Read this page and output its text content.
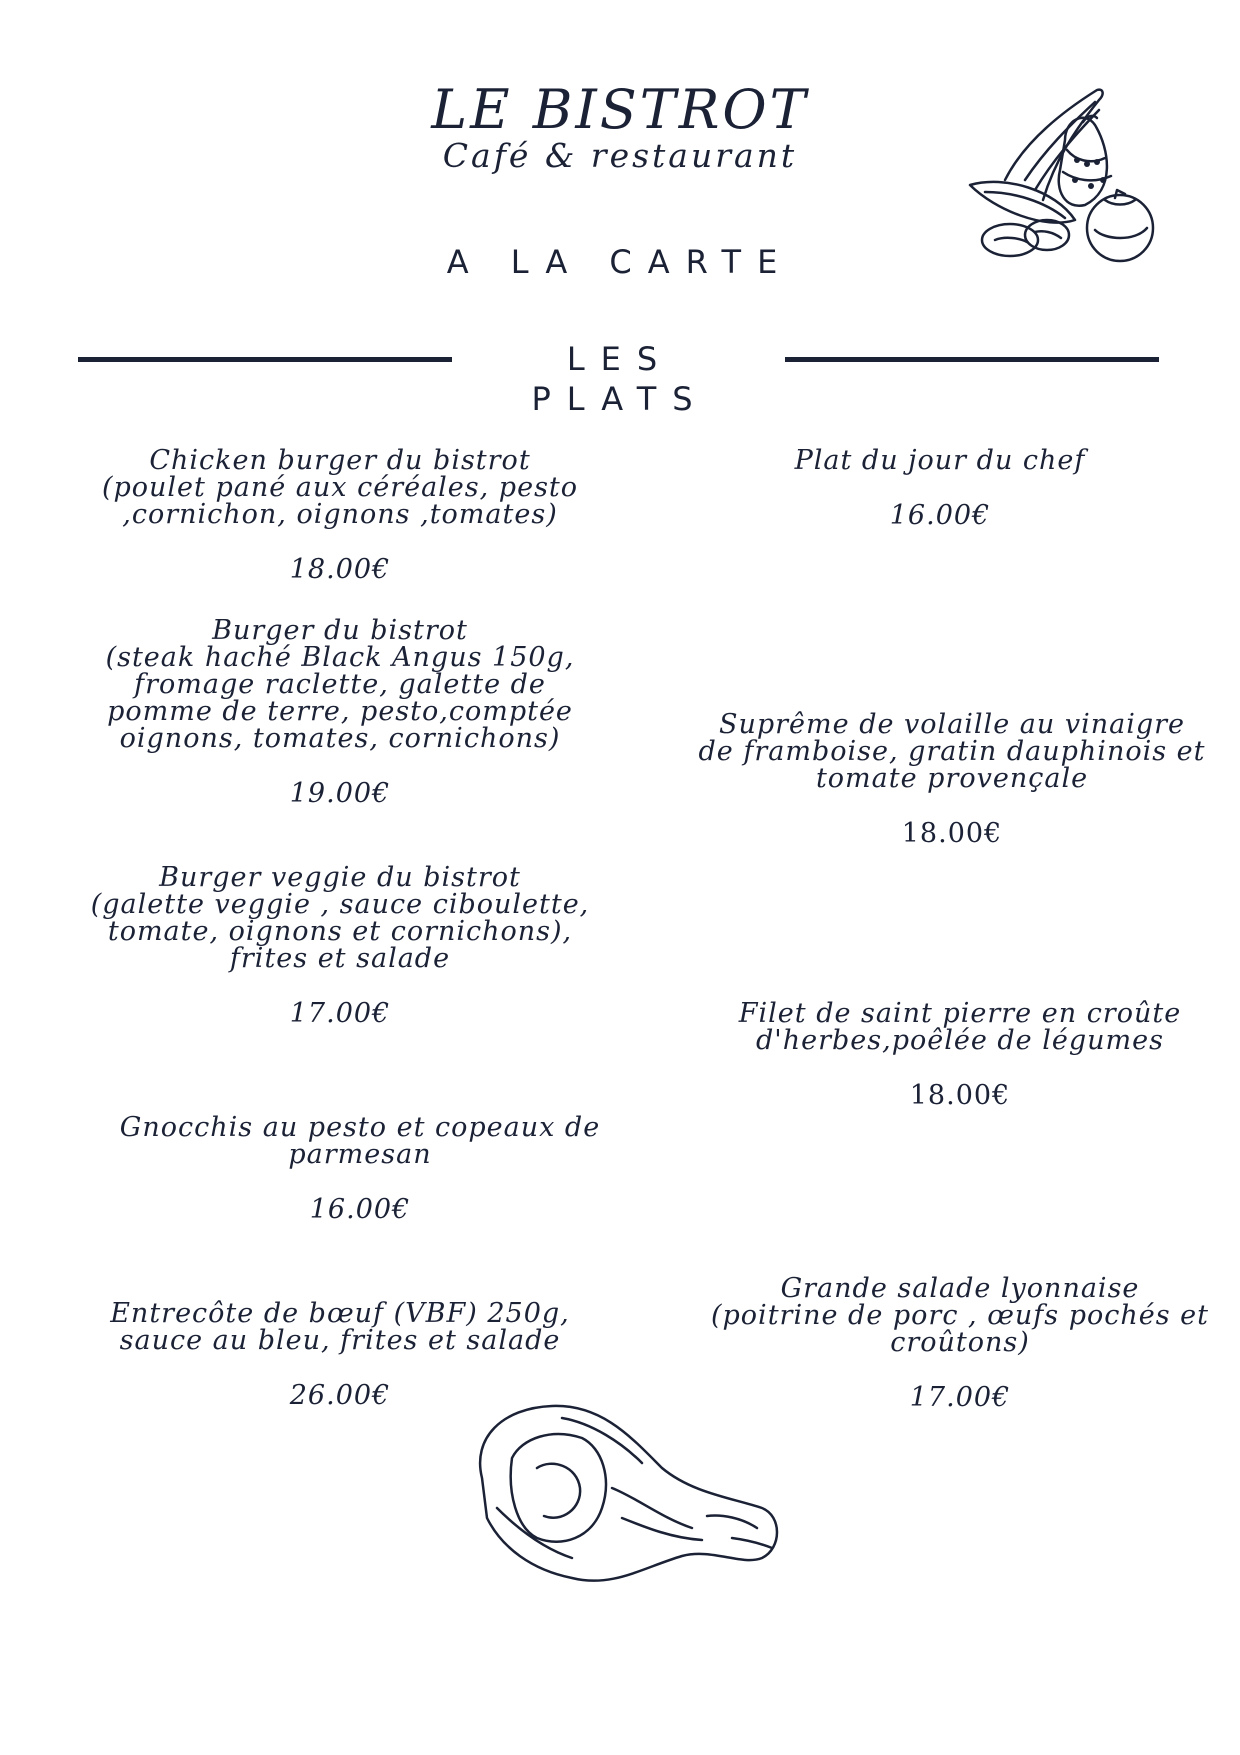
LE BISTROT
Café & restaurant
A LA CARTE
LES PLATS
Chicken burger du bistrot
(poulet pané aux céréales, pesto
,cornichon, oignons ,tomates)
18.00€
Burger du bistrot
(steak haché Black Angus 150g,
fromage raclette, galette de
pomme de terre, pesto,comptée
oignons, tomates, cornichons)
19.00€
Burger veggie du bistrot
(galette veggie , sauce ciboulette,
tomate, oignons et cornichons),
frites et salade
17.00€
Gnocchis au pesto et copeaux de
parmesan
16.00€
Entrecôte de bœuf (VBF) 250g,
sauce au bleu, frites et salade
26.00€
Plat du jour du chef
16.00€
Suprême de volaille au vinaigre
de framboise, gratin dauphinois et
tomate provençale
18.00€
Filet de saint pierre en croûte
d'herbes,poêlée de légumes
18.00€
Grande salade lyonnaise
(poitrine de porc , œufs pochés et
croûtons)
17.00€
